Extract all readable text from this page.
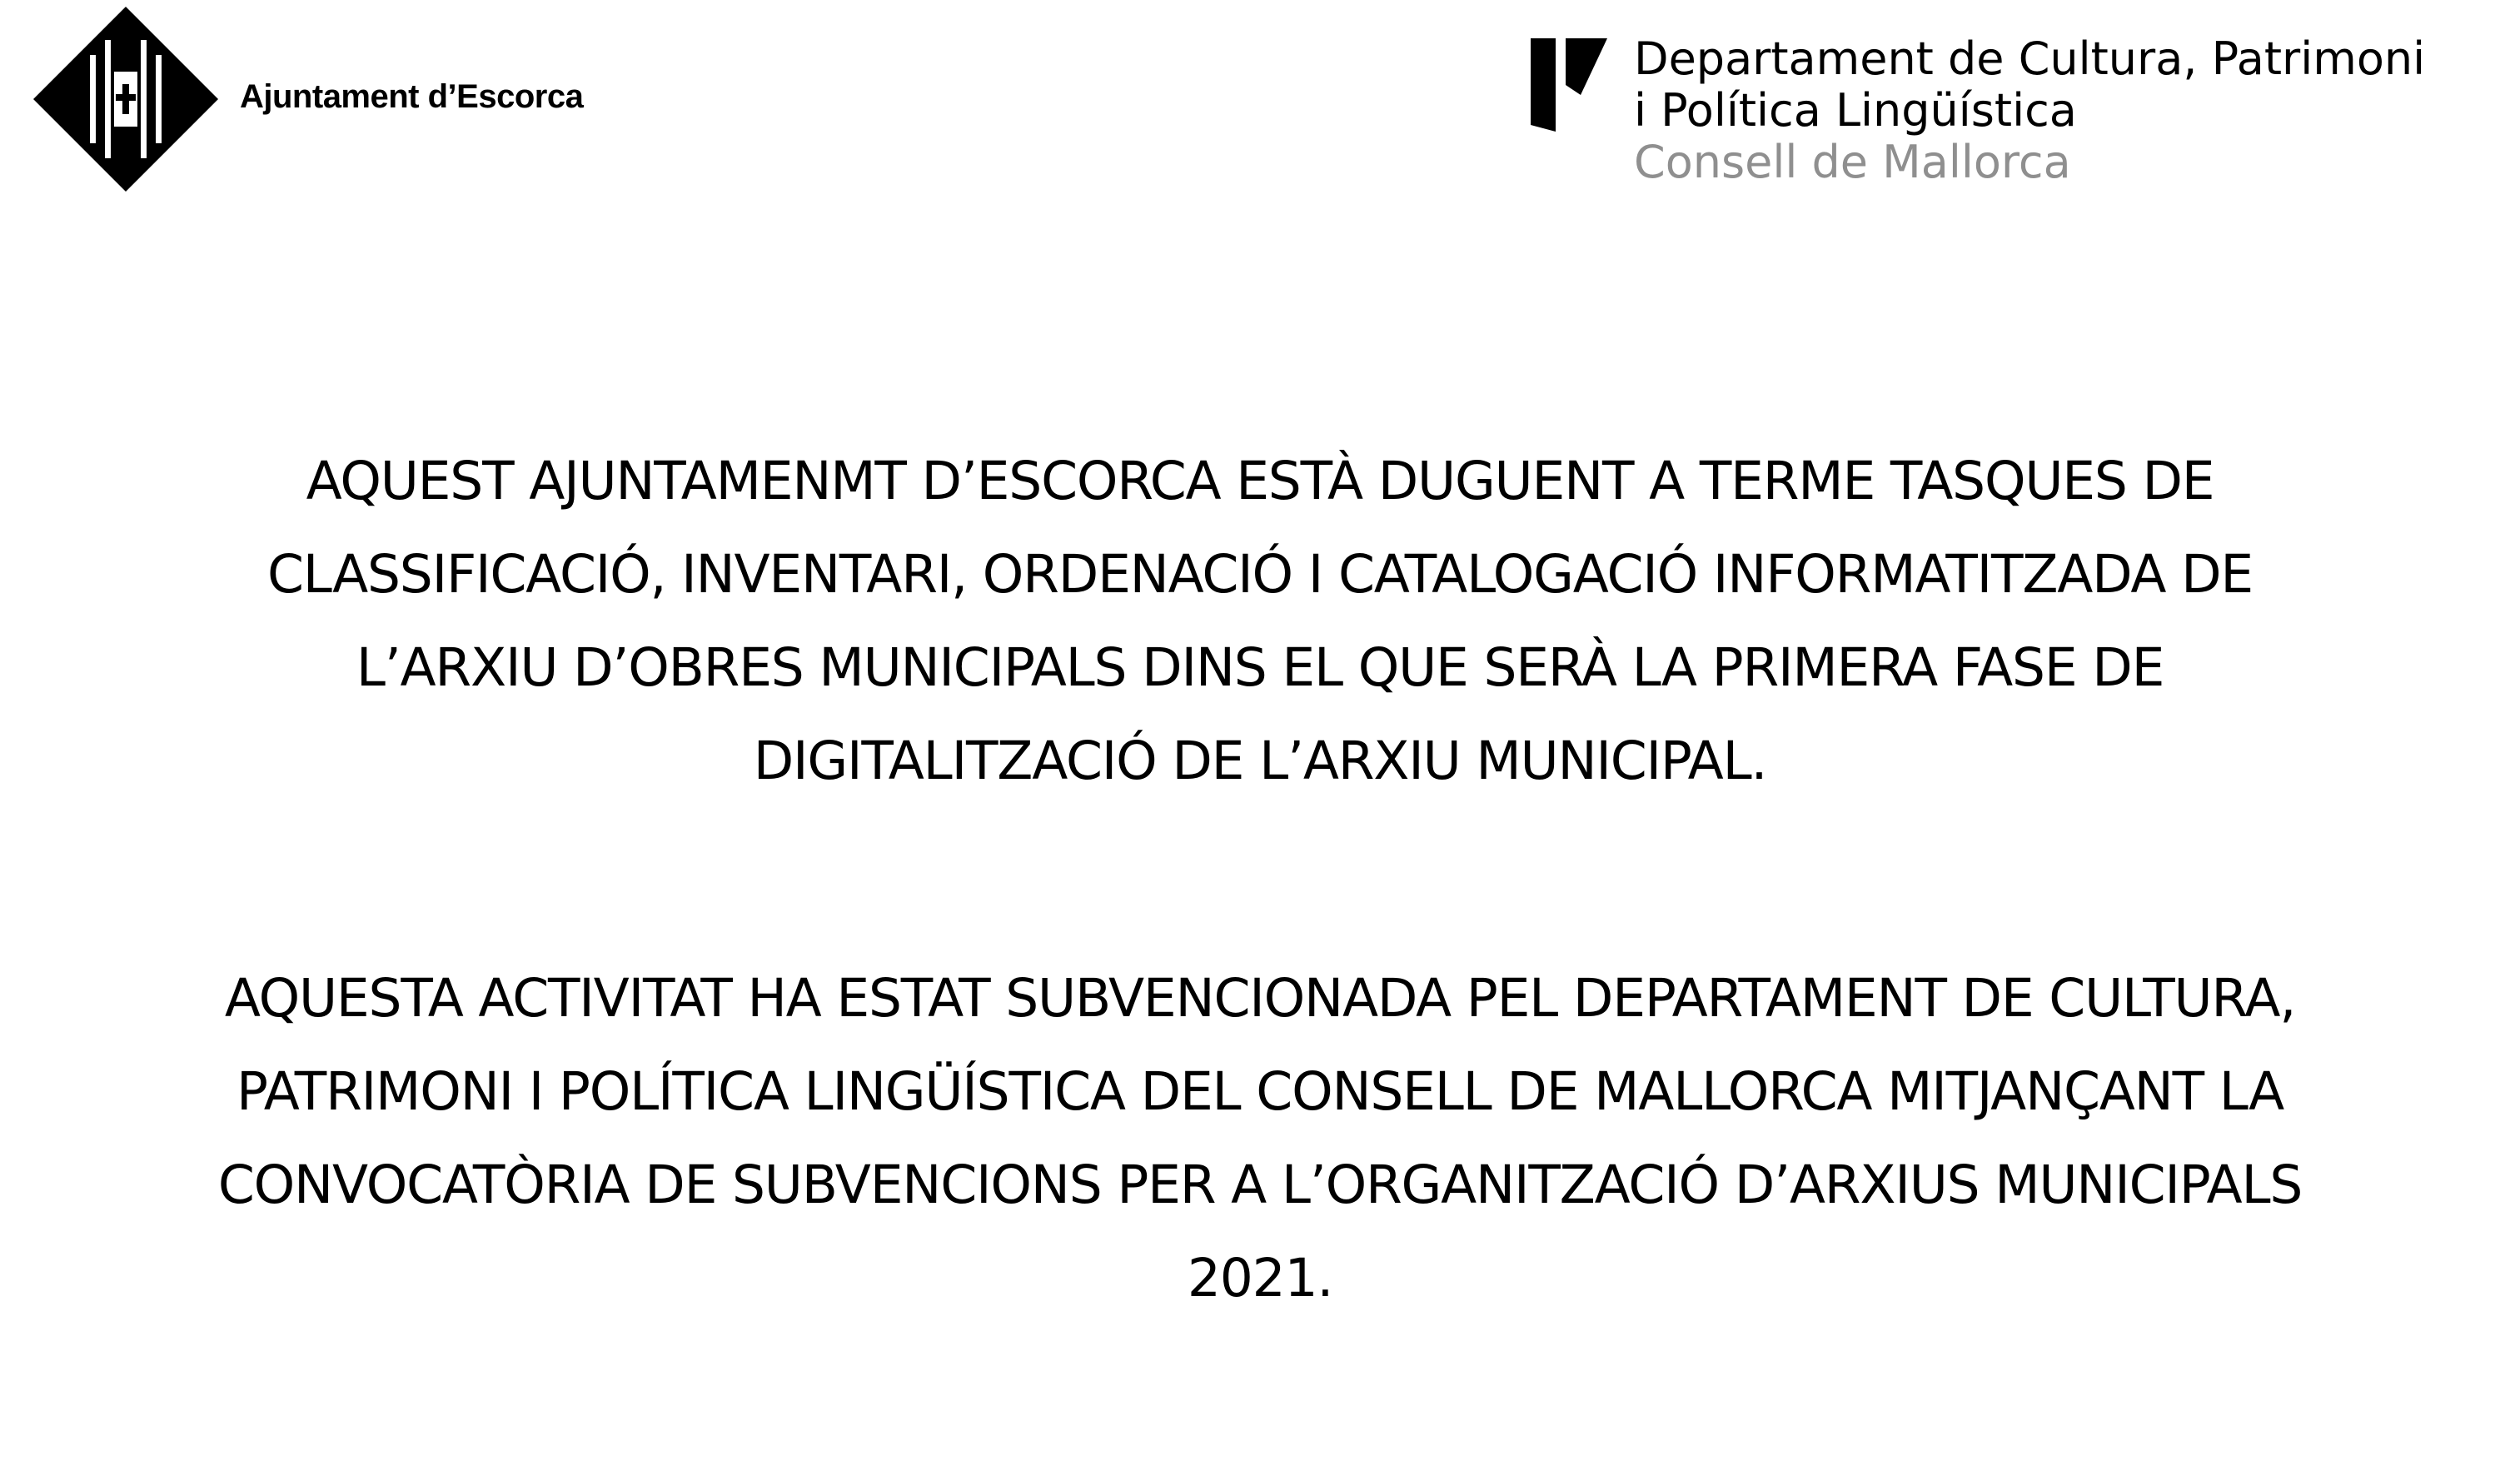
Ajuntament d’Escorca
Departament de Cultura, Patrimoni
i Política Lingüística
Consell de Mallorca
AQUEST AJUNTAMENMT D’ESCORCA ESTÀ DUGUENT A TERME TASQUES DE
CLASSIFICACIÓ, INVENTARI, ORDENACIÓ I CATALOGACIÓ INFORMATITZADA DE
L’ARXIU D’OBRES MUNICIPALS DINS EL QUE SERÀ LA PRIMERA FASE DE
DIGITALITZACIÓ DE L’ARXIU MUNICIPAL.
AQUESTA ACTIVITAT HA ESTAT SUBVENCIONADA PEL DEPARTAMENT DE CULTURA,
PATRIMONI I POLÍTICA LINGÜÍSTICA DEL CONSELL DE MALLORCA MITJANÇANT LA
CONVOCATÒRIA DE SUBVENCIONS PER A L’ORGANITZACIÓ D’ARXIUS MUNICIPALS
2021.
